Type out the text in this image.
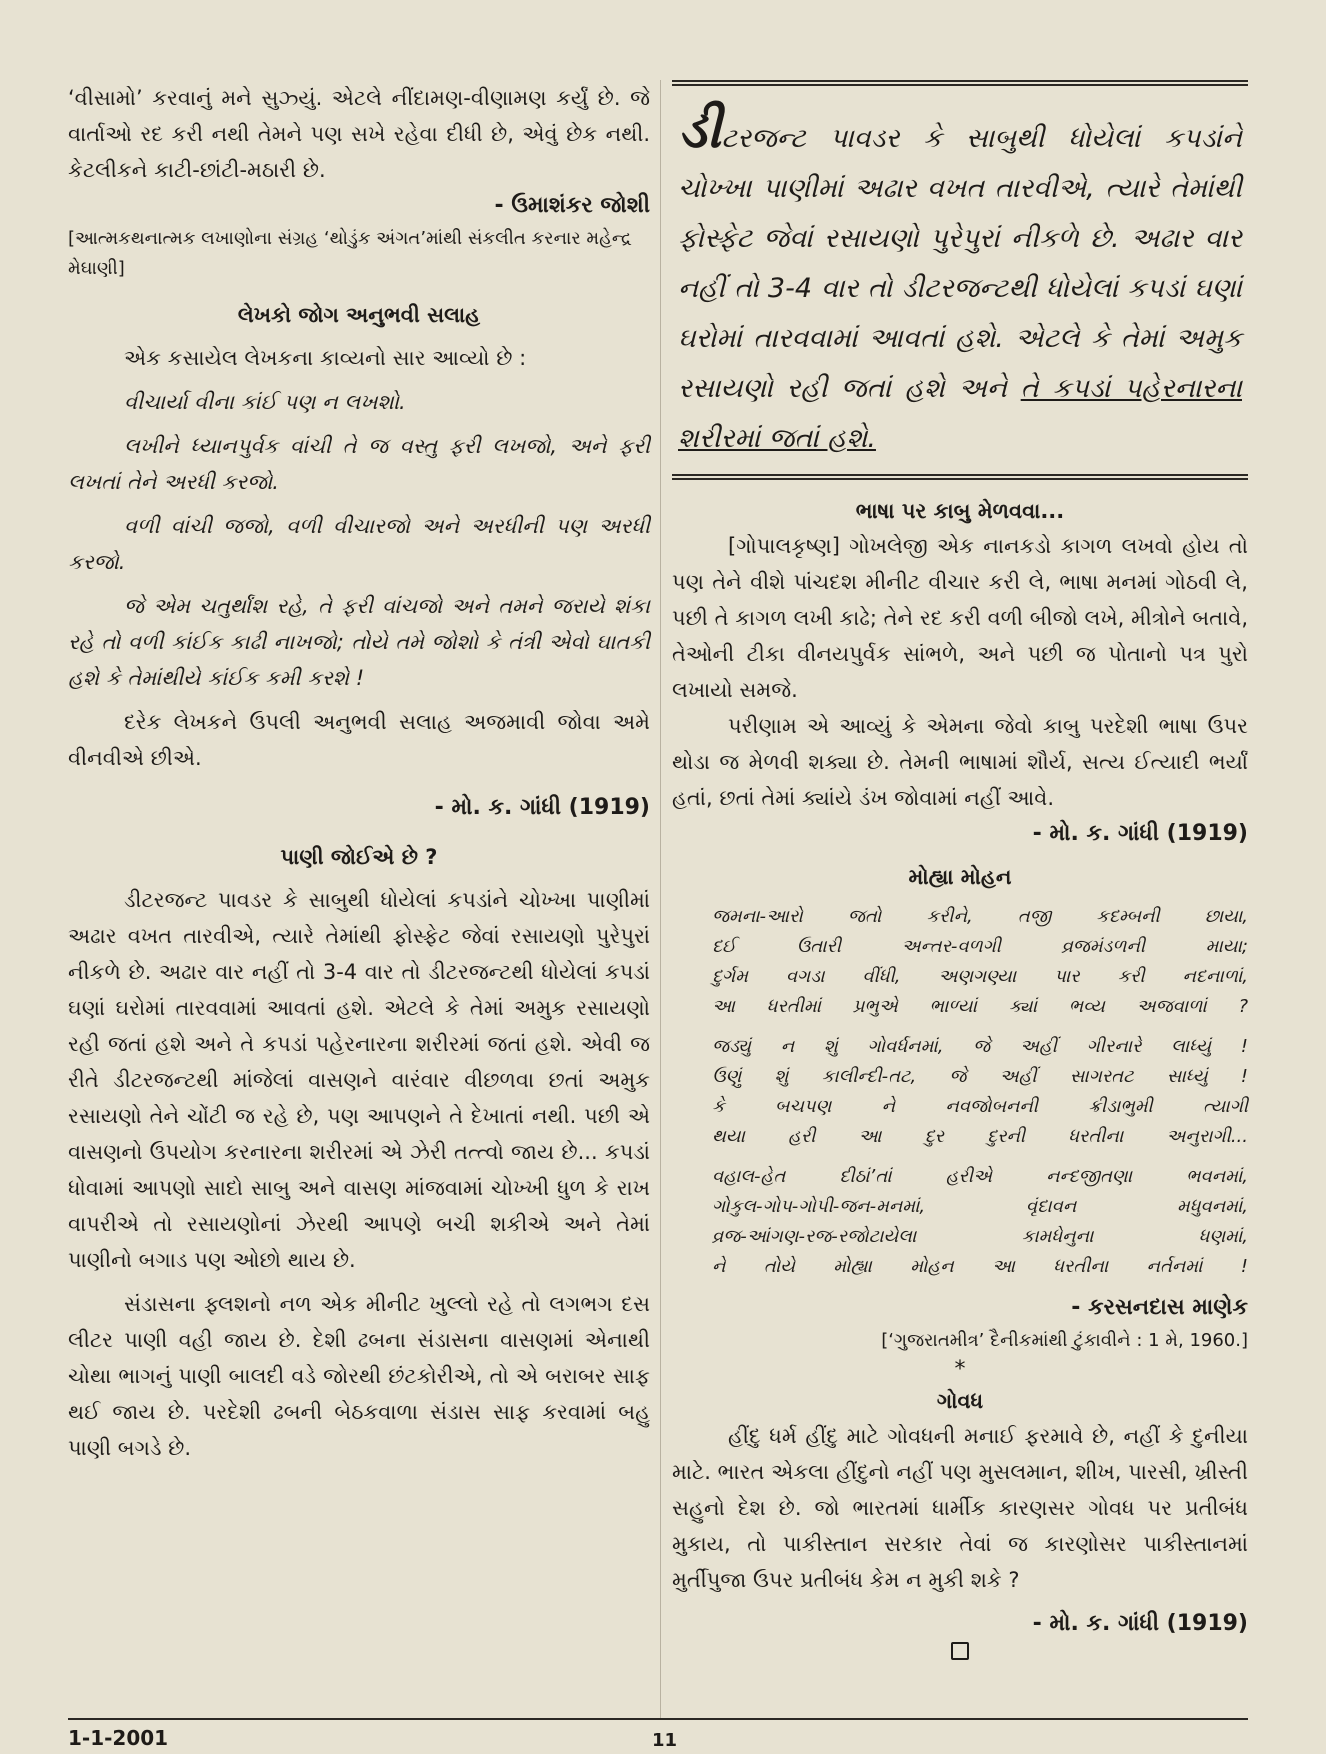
‘વીસામો’ કરવાનું મને સુઝ્યું. એટલે નીંદામણ-વીણામણ કર્યું છે. જે વાર્તાઓ રદ કરી નથી તેમને પણ સખે રહેવા દીધી છે, એવું છેક નથી. કેટલીકને કાટી-છાંટી-મઠારી છે.

- ઉમાશંકર જોશી

[આત્મકથનાત્મક લખાણોના સંગ્રહ ‘થોડુંક અંગત’માંથી સંકલીત કરનાર મહેન્દ્ર મેઘાણી]

લેખકો જોગ અનુભવી સલાહ

એક કસાયેલ લેખકના કાવ્યનો સાર આવ્યો છે :

વીચાર્યા વીના કાંઈ પણ ન લખશો.

લખીને ધ્યાનપુર્વક વાંચી તે જ વસ્તુ ફરી લખજો, અને ફરી લખતાં તેને અરધી કરજો.

વળી વાંચી જજો, વળી વીચારજો અને અરધીની પણ અરધી કરજો.

જે એમ ચતુર્થાંશ રહે, તે ફરી વાંચજો અને તમને જરાયે શંકા રહે તો વળી કાંઈક કાઢી નાખજો; તોયે તમે જોશો કે તંત્રી એવો ઘાતકી હશે કે તેમાંથીયે કાંઈક કમી કરશે !

દરેક લેખકને ઉપલી અનુભવી સલાહ અજમાવી જોવા અમે વીનવીએ છીએ.

- મો. ક. ગાંધી (1919)

પાણી જોઈએ છે ?

ડીટરજન્ટ પાવડર કે સાબુથી ધોયેલાં કપડાંને ચોખ્ખા પાણીમાં અઢાર વખત તારવીએ, ત્યારે તેમાંથી ફોસ્ફેટ જેવાં રસાયણો પુરેપુરાં નીકળે છે. અઢાર વાર નહીં તો 3-4 વાર તો ડીટરજન્ટથી ધોયેલાં કપડાં ઘણાં ઘરોમાં તારવવામાં આવતાં હશે. એટલે કે તેમાં અમુક રસાયણો રહી જતાં હશે અને તે કપડાં પહેરનારના શરીરમાં જતાં હશે. એવી જ રીતે ડીટરજન્ટથી માંજેલાં વાસણને વારંવાર વીછળવા છતાં અમુક રસાયણો તેને ચોંટી જ રહે છે, પણ આપણને તે દેખાતાં નથી. પછી એ વાસણનો ઉપયોગ કરનારના શરીરમાં એ ઝેરી તત્ત્વો જાય છે... કપડાં ધોવામાં આપણો સાદો સાબુ અને વાસણ માંજવામાં ચોખ્ખી ધુળ કે રાખ વાપરીએ તો રસાયણોનાં ઝેરથી આપણે બચી શકીએ અને તેમાં પાણીનો બગાડ પણ ઓછો થાય છે.

સંડાસના ફ્લશનો નળ એક મીનીટ ખુલ્લો રહે તો લગભગ દસ લીટર પાણી વહી જાય છે. દેશી ઢબના સંડાસના વાસણમાં એનાથી ચોથા ભાગનું પાણી બાલદી વડે જોરથી છંટકોરીએ, તો એ બરાબર સાફ થઈ જાય છે. પરદેશી ઢબની બેઠકવાળા સંડાસ સાફ કરવામાં બહુ પાણી બગડે છે.

ડીટરજન્ટ પાવડર કે સાબુથી ધોયેલાં કપડાંને ચોખ્ખા પાણીમાં અઢાર વખત તારવીએ, ત્યારે તેમાંથી ફોસ્ફેટ જેવાં રસાયણો પુરેપુરાં નીકળે છે. અઢાર વાર નહીં તો 3-4 વાર તો ડીટરજન્ટથી ધોયેલાં કપડાં ઘણાં ઘરોમાં તારવવામાં આવતાં હશે. એટલે કે તેમાં અમુક રસાયણો રહી જતાં હશે અને તે કપડાં પહેરનારના શરીરમાં જતાં હશે.

ભાષા પર કાબુ મેળવવા...

[ગોપાલકૃષ્ણ] ગોખલેજી એક નાનકડો કાગળ લખવો હોય તો પણ તેને વીશે પાંચદશ મીનીટ વીચાર કરી લે, ભાષા મનમાં ગોઠવી લે, પછી તે કાગળ લખી કાઢે; તેને રદ કરી વળી બીજો લખે, મીત્રોને બતાવે, તેઓની ટીકા વીનયપુર્વક સાંભળે, અને પછી જ પોતાનો પત્ર પુરો લખાયો સમજે.

પરીણામ એ આવ્યું કે એમના જેવો કાબુ પરદેશી ભાષા ઉપર થોડા જ મેળવી શક્યા છે. તેમની ભાષામાં શૌર્ય, સત્ય ઈત્યાદી ભર્યાં હતાં, છતાં તેમાં ક્યાંયે ડંખ જોવામાં નહીં આવે.

- મો. ક. ગાંધી (1919)

મોહ્યા મોહન

જમના-આરો જતો કરીને, તજી કદમ્બની છાયા,

દઈ ઉતારી અન્તર-વળગી વ્રજમંડળની માયા;

દુર્ગમ વગડા વીંધી, અણગણ્યા પાર કરી નદનાળાં,

આ ધરતીમાં પ્રભુએ ભાળ્યાં ક્યાં ભવ્ય અજવાળાં ?

જડ્યું ન શું ગોવર્ધનમાં, જે અહીં ગીરનારે લાધ્યું !

ઉણું શું કાલીન્દી-તટ, જે અહીં સાગરતટ સાધ્યું !

કે બચપણ ને નવજોબનની ક્રીડાભુમી ત્યાગી

થયા હરી આ દુર દુરની ધરતીના અનુરાગી...

વહાલ-હેત દીઠાં’તાં હરીએ નન્દજીતણા ભવનમાં,

ગોકુલ-ગોપ-ગોપી-જન-મનમાં, વૃંદાવન મધુવનમાં,

વ્રજ-આંગણ-રજ-રજોટાયેલા કામધેનુના ધણમાં,

ને તોયે મોહ્યા મોહન આ ધરતીના નર્તનમાં !

- કરસનદાસ માણેક

[‘ગુજરાતમીત્ર’ દૈનીકમાંથી ટુંકાવીને : 1 મે, 1960.]

*

ગોવધ

હીંદુ ધર્મ હીંદુ માટે ગોવધની મનાઈ ફરમાવે છે, નહીં કે દુનીયા માટે. ભારત એકલા હીંદુનો નહીં પણ મુસલમાન, શીખ, પારસી, ખ્રીસ્તી સહુનો દેશ છે. જો ભારતમાં ધાર્મીક કારણસર ગોવધ પર પ્રતીબંધ મુકાય, તો પાકીસ્તાન સરકાર તેવાં જ કારણોસર પાકીસ્તાનમાં મુર્તીપુજા ઉપર પ્રતીબંધ કેમ ન મુકી શકે ?

- મો. ક. ગાંધી (1919)

1-1-2001	11
